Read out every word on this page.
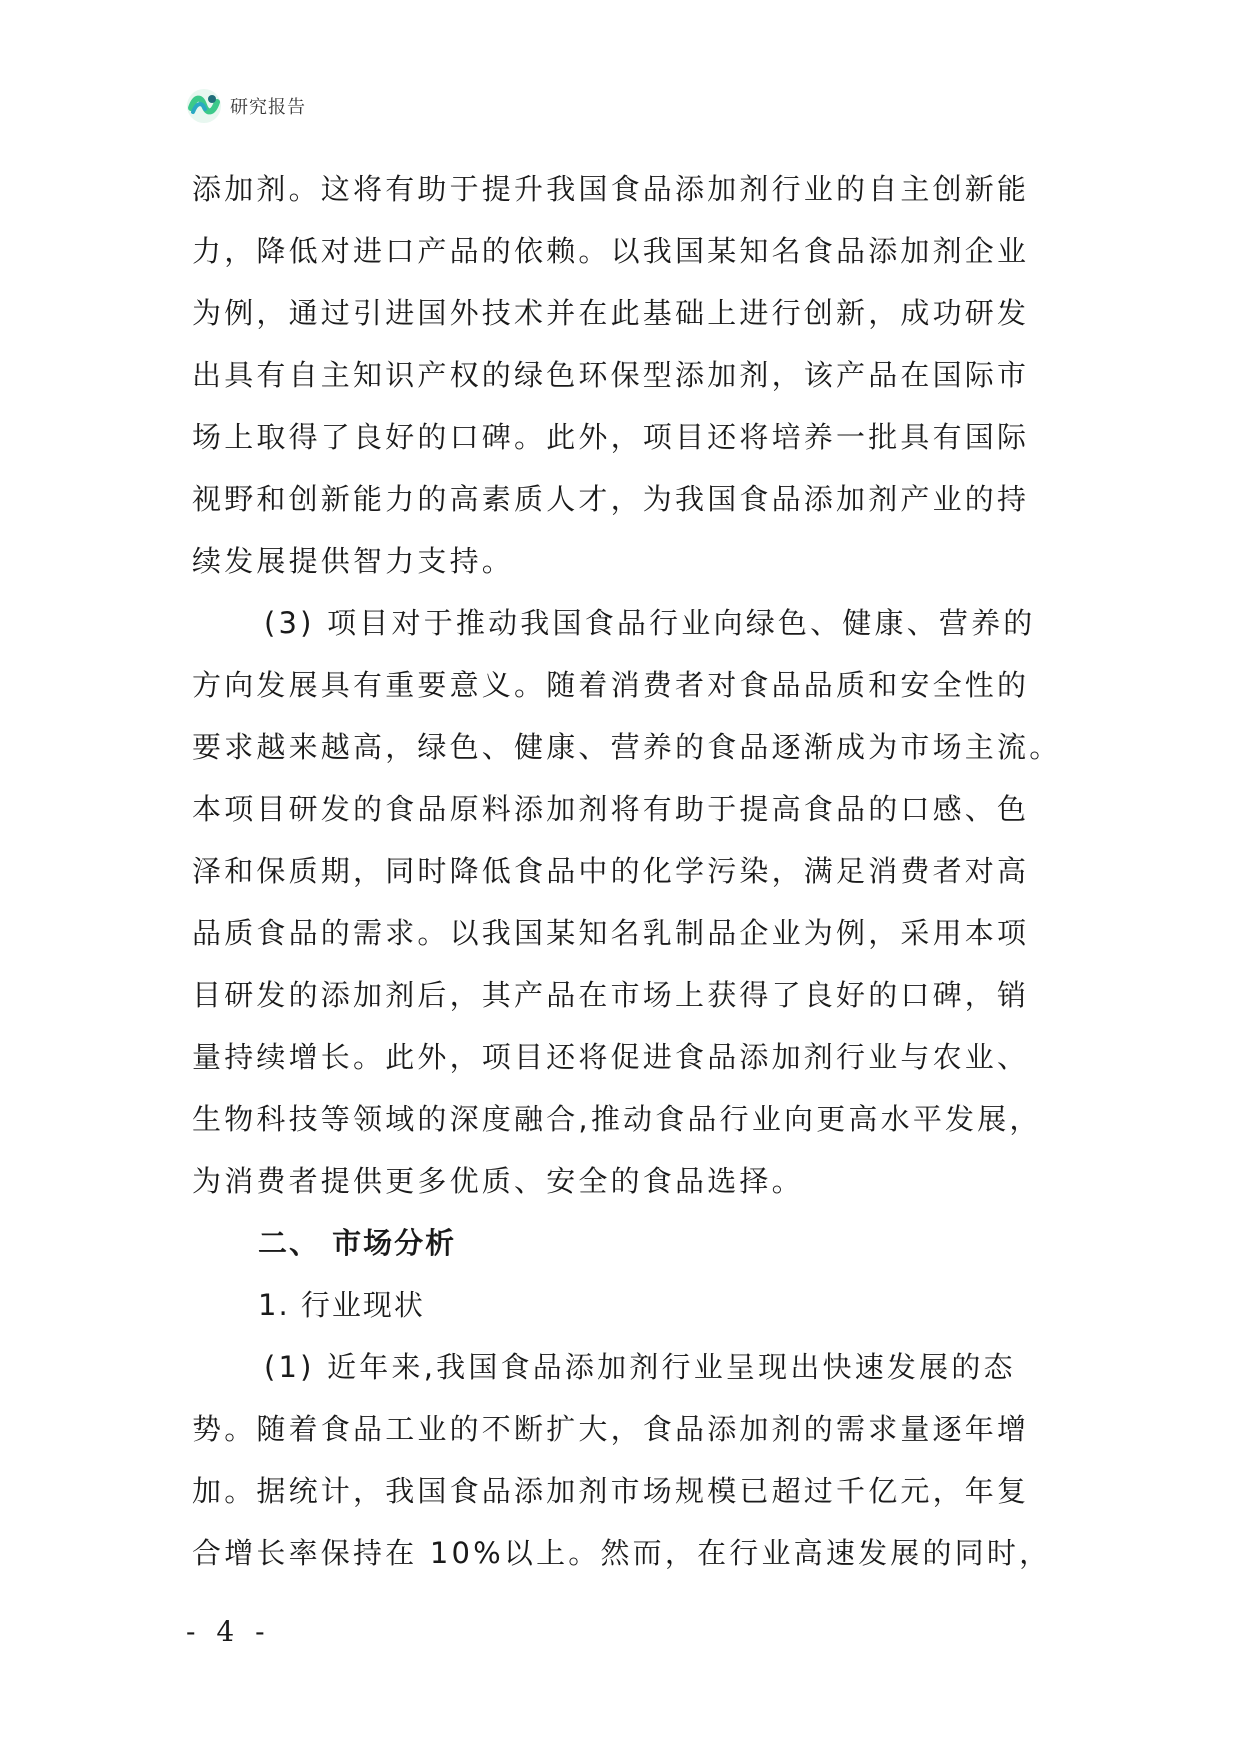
研究报告
添加剂。这将有助于提升我国食品添加剂行业的自主创新能
力，降低对进口产品的依赖。以我国某知名食品添加剂企业
为例，通过引进国外技术并在此基础上进行创新，成功研发
出具有自主知识产权的绿色环保型添加剂，该产品在国际市
场上取得了良好的口碑。此外，项目还将培养一批具有国际
视野和创新能力的高素质人才，为我国食品添加剂产业的持
续发展提供智力支持。
(3) 项目对于推动我国食品行业向绿色、健康、营养的
方向发展具有重要意义。随着消费者对食品品质和安全性的
要求越来越高，绿色、健康、营养的食品逐渐成为市场主流。
本项目研发的食品原料添加剂将有助于提高食品的口感、色
泽和保质期，同时降低食品中的化学污染，满足消费者对高
品质食品的需求。以我国某知名乳制品企业为例，采用本项
目研发的添加剂后，其产品在市场上获得了良好的口碑，销
量持续增长。此外，项目还将促进食品添加剂行业与农业、
生物科技等领域的深度融合,推动食品行业向更高水平发展，
为消费者提供更多优质、安全的食品选择。
二、 市场分析
1. 行业现状
(1) 近年来,我国食品添加剂行业呈现出快速发展的态
势。随着食品工业的不断扩大，食品添加剂的需求量逐年增
加。据统计，我国食品添加剂市场规模已超过千亿元，年复
合增长率保持在 10%以上。然而，在行业高速发展的同时，
- 4 -
